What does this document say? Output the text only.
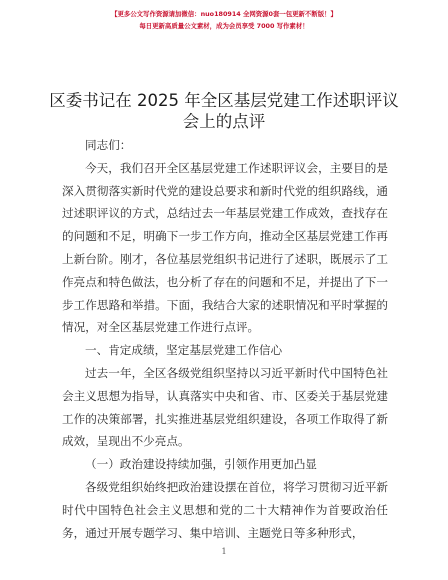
【更多公文写作资源请加微信：nuo180914 全网资源0套一包更新不断版！】
每日更新高质量公文素材，成为会员享受 7000 写作素材！
区委书记在 2025 年全区基层党建工作述职评议
会上的点评

同志们：

今天，我们召开全区基层党建工作述职评议会，主要目的是深入贯彻落实新时代党的建设总要求和新时代党的组织路线，通过述职评议的方式，总结过去一年基层党建工作成效，查找存在的问题和不足，明确下一步工作方向，推动全区基层党建工作再上新台阶。刚才，各位基层党组织书记进行了述职，既展示了工作亮点和特色做法，也分析了存在的问题和不足，并提出了下一步工作思路和举措。下面，我结合大家的述职情况和平时掌握的情况，对全区基层党建工作进行点评。

一、肯定成绩，坚定基层党建工作信心

过去一年，全区各级党组织坚持以习近平新时代中国特色社会主义思想为指导，认真落实中央和省、市、区委关于基层党建工作的决策部署，扎实推进基层党组织建设，各项工作取得了新成效，呈现出不少亮点。

（一）政治建设持续加强，引领作用更加凸显

各级党组织始终把政治建设摆在首位，将学习贯彻习近平新时代中国特色社会主义思想和党的二十大精神作为首要政治任务，通过开展专题学习、集中培训、主题党日等多种形式，

1
